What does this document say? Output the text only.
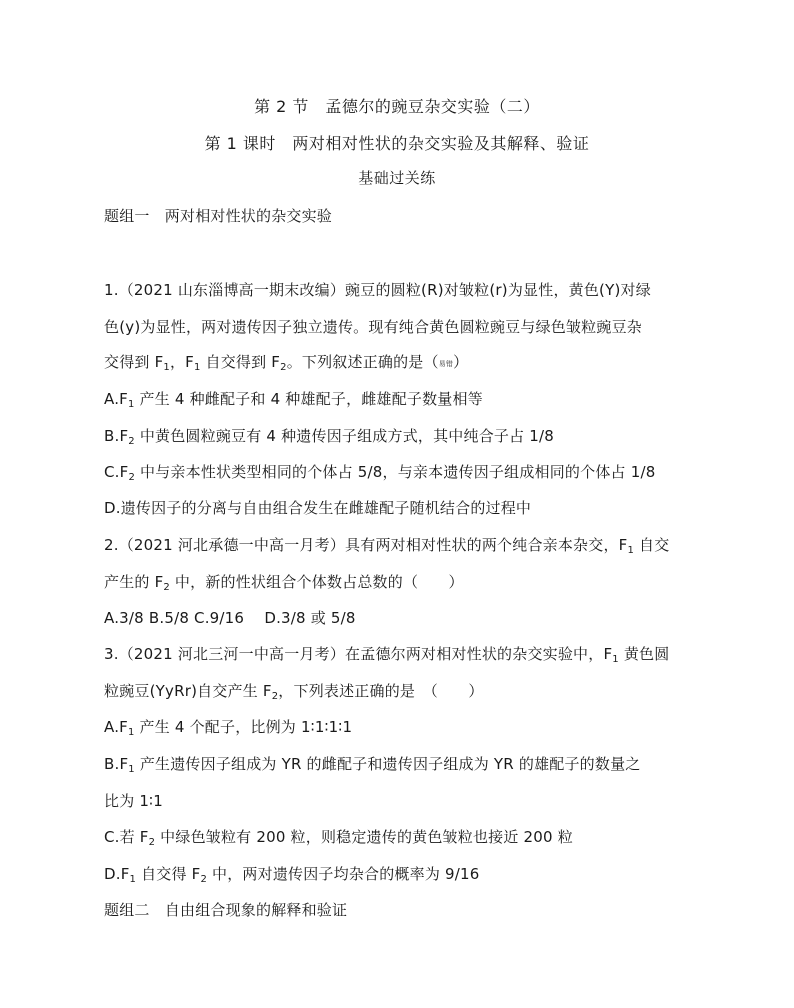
第 2 节　孟德尔的豌豆杂交实验（二）
第 1 课时　两对相对性状的杂交实验及其解释、验证
基础过关练
题组一　两对相对性状的杂交实验
1.（2021 山东淄博高一期末改编）豌豆的圆粒(R)对皱粒(r)为显性，黄色(Y)对绿
色(y)为显性，两对遗传因子独立遗传。现有纯合黄色圆粒豌豆与绿色皱粒豌豆杂
交得到 $F_1$，$F_1$ 自交得到 $F_2$。下列叙述正确的是（易错）
$A.F_1$ 产生 4 种雌配子和 4 种雄配子，雌雄配子数量相等
$B.F_2$ 中黄色圆粒豌豆有 4 种遗传因子组成方式，其中纯合子占 1/8
$C.F_2$ 中与亲本性状类型相同的个体占 5/8，与亲本遗传因子组成相同的个体占 1/8
D.遗传因子的分离与自由组合发生在雌雄配子随机结合的过程中
2.（2021 河北承德一中高一月考）具有两对相对性状的两个纯合亲本杂交，$F_1$ 自交
产生的 $F_2$ 中，新的性状组合个体数占总数的（　　）
A.3/8 B.5/8 C.9/16　 D.3/8 或 5/8
3.（2021 河北三河一中高一月考）在孟德尔两对相对性状的杂交实验中，$F_1$ 黄色圆
粒豌豆(YyRr)自交产生 $F_2$，下列表述正确的是　（　　）
$A.F_1$ 产生 4 个配子，比例为 1∶1∶1∶1
$B.F_1$ 产生遗传因子组成为 YR 的雌配子和遗传因子组成为 YR 的雄配子的数量之
比为 1∶1
C.若 $F_2$ 中绿色皱粒有 200 粒，则稳定遗传的黄色皱粒也接近 200 粒
$D.F_1$ 自交得 $F_2$ 中，两对遗传因子均杂合的概率为 9/16
题组二　自由组合现象的解释和验证
